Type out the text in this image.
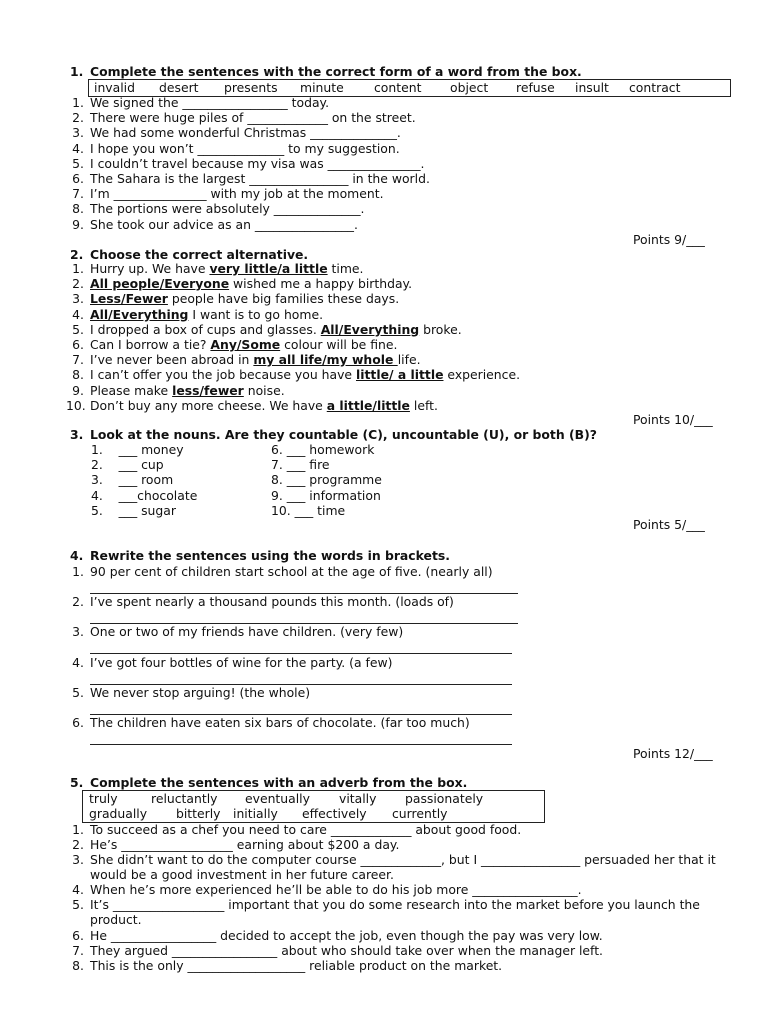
1. Complete the sentences with the correct form of a word from the box.
invalid desert presents minute content object refuse insult contract
1. We signed the _________________ today.
2. There were huge piles of _____________ on the street.
3. We had some wonderful Christmas ______________.
4. I hope you won’t ______________ to my suggestion.
5. I couldn’t travel because my visa was _______________.
6. The Sahara is the largest ________________ in the world.
7. I’m _______________ with my job at the moment.
8. The portions were absolutely ______________.
9. She took our advice as an ________________.
Points 9/___
2. Choose the correct alternative.
1. Hurry up. We have very little/a little time.
2. All people/Everyone wished me a happy birthday.
3. Less/Fewer people have big families these days.
4. All/Everything I want is to go home.
5. I dropped a box of cups and glasses. All/Everything broke.
6. Can I borrow a tie? Any/Some colour will be fine.
7. I’ve never been abroad in my all life/my whole life.
8. I can’t offer you the job because you have little/ a little experience.
9. Please make less/fewer noise.
10. Don’t buy any more cheese. We have a little/little left.
Points 10/___
3. Look at the nouns. Are they countable (C), uncountable (U), or both (B)?
1.    ___ money
2.    ___ cup
3.    ___ room
4.    ___chocolate
5.    ___ sugar
6. ___ homework
7. ___ fire
8. ___ programme
9. ___ information
10. ___ time
Points 5/___
4. Rewrite the sentences using the words in brackets.
1. 90 per cent of children start school at the age of five. (nearly all)
2. I’ve spent nearly a thousand pounds this month. (loads of)
3. One or two of my friends have children. (very few)
4. I’ve got four bottles of wine for the party. (a few)
5. We never stop arguing! (the whole)
6. The children have eaten six bars of chocolate. (far too much)
Points 12/___
5. Complete the sentences with an adverb from the box.
truly	reluctantly eventually vitally passionately
gradually bitterly initially effectively currently
1. To succeed as a chef you need to care _____________ about good food.
2. He’s __________________ earning about $200 a day.
3. She didn’t want to do the computer course _____________, but I ________________ persuaded her that it would be a good investment in her future career.
4. When he’s more experienced he’ll be able to do his job more _________________.
5. It’s __________________ important that you do some research into the market before you launch the product.
6. He _________________ decided to accept the job, even though the pay was very low.
7. They argued _________________ about who should take over when the manager left.
8. This is the only ___________________ reliable product on the market.
